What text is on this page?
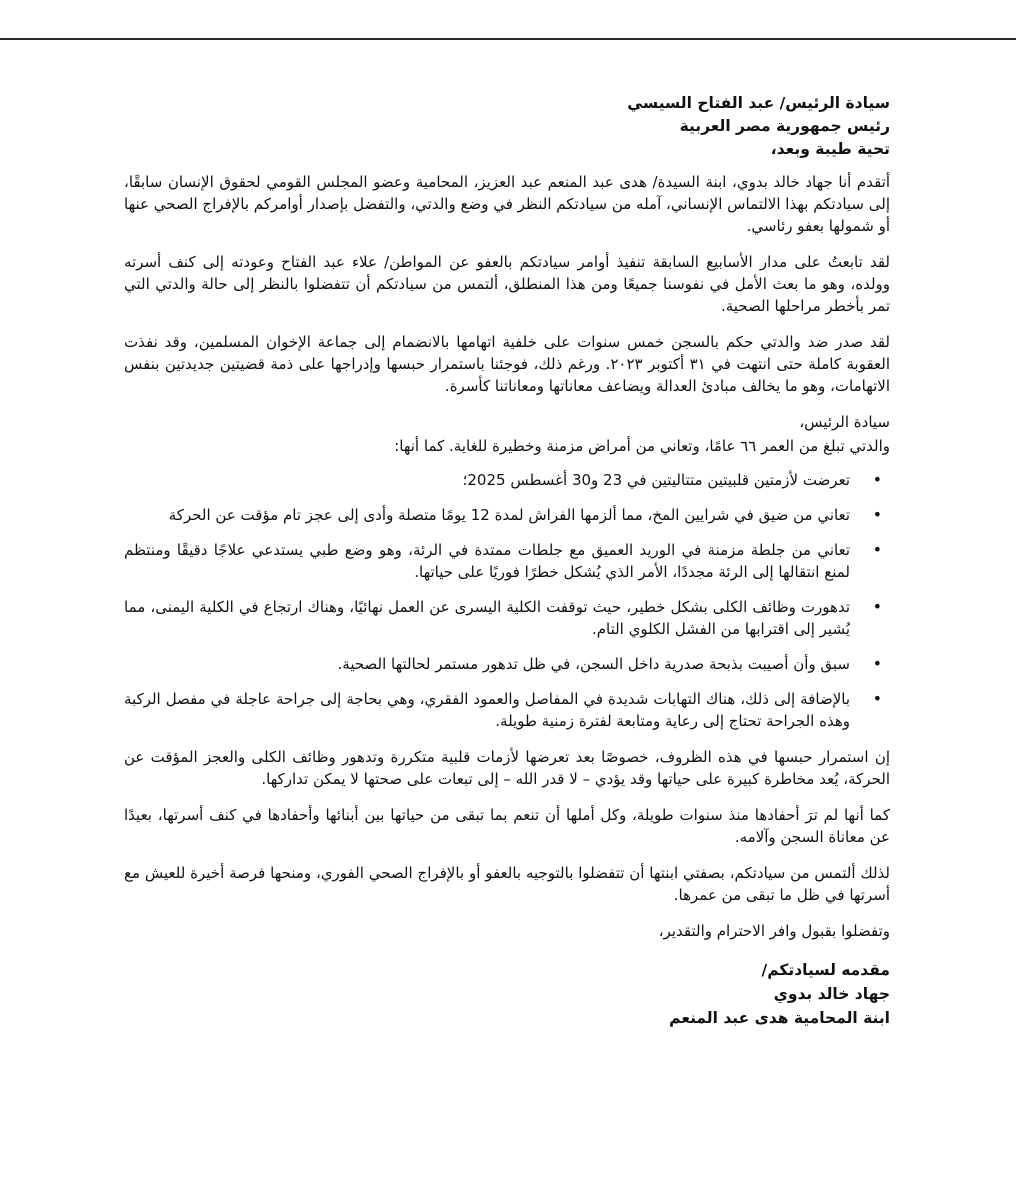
سيادة الرئيس/ عبد الفتاح السيسي
رئيس جمهورية مصر العربية
تحية طيبة وبعد،

أتقدم أنا جهاد خالد بدوي، ابنة السيدة/ هدى عبد المنعم عبد العزيز، المحامية وعضو المجلس القومي لحقوق الإنسان سابقًا، إلى سيادتكم بهذا الالتماس الإنساني، آمله من سيادتكم النظر في وضع والدتي، والتفضل بإصدار أوامركم بالإفراج الصحي عنها أو شمولها بعفو رئاسي.

لقد تابعتُ على مدار الأسابيع السابقة تنفيذ أوامر سيادتكم بالعفو عن المواطن/ علاء عبد الفتاح وعودته إلى كنف أسرته وولده، وهو ما بعث الأمل في نفوسنا جميعًا ومن هذا المنطلق، ألتمس من سيادتكم أن تتفضلوا بالنظر إلى حالة والدتي التي تمر بأخطر مراحلها الصحية.

لقد صدر ضد والدتي حكم بالسجن خمس سنوات على خلفية اتهامها بالانضمام إلى جماعة الإخوان المسلمين، وقد نفذت العقوبة كاملة حتى انتهت في ٣١ أكتوبر ٢٠٢٣. ورغم ذلك، فوجئنا باستمرار حبسها وإدراجها على ذمة قضيتين جديدتين بنفس الاتهامات، وهو ما يخالف مبادئ العدالة ويضاعف معاناتها ومعاناتنا كأسرة.

سيادة الرئيس،

والدتي تبلغ من العمر ٦٦ عامًا، وتعاني من أمراض مزمنة وخطيرة للغاية. كما أنها:

• تعرضت لأزمتين قلبيتين متتاليتين في 23 و30 أغسطس 2025؛
• تعاني من ضيق في شرايين المخ، مما ألزمها الفراش لمدة 12 يومًا متصلة وأدى إلى عجز تام مؤقت عن الحركة
• تعاني من جلطة مزمنة في الوريد العميق مع جلطات ممتدة في الرئة، وهو وضع طبي يستدعي علاجًا دقيقًا ومنتظم لمنع انتقالها إلى الرئة مجددًا، الأمر الذي يُشكل خطرًا فوريًا على حياتها.
• تدهورت وظائف الكلى بشكل خطير، حيث توقفت الكلية اليسرى عن العمل نهائيًا، وهناك ارتجاع في الكلية اليمنى، مما يُشير إلى اقترابها من الفشل الكلوي التام.
• سبق وأن أصيبت بذبحة صدرية داخل السجن، في ظل تدهور مستمر لحالتها الصحية.
• بالإضافة إلى ذلك، هناك التهابات شديدة في المفاصل والعمود الفقري، وهي بحاجة إلى جراحة عاجلة في مفصل الركبة وهذه الجراحة تحتاج إلى رعاية ومتابعة لفترة زمنية طويلة.

إن استمرار حبسها في هذه الظروف، خصوصًا بعد تعرضها لأزمات قلبية متكررة وتدهور وظائف الكلى والعجز المؤقت عن الحركة، يُعد مخاطرة كبيرة على حياتها وقد يؤدي – لا قدر الله – إلى تبعات على صحتها لا يمكن تداركها.

كما أنها لم ترَ أحفادها منذ سنوات طويلة، وكل أملها أن تنعم بما تبقى من حياتها بين أبنائها وأحفادها في كنف أسرتها، بعيدًا عن معاناة السجن وآلامه.

لذلك ألتمس من سيادتكم، بصفتي ابنتها أن تتفضلوا بالتوجيه بالعفو أو بالإفراج الصحي الفوري، ومنحها فرصة أخيرة للعيش مع أسرتها في ظل ما تبقى من عمرها.

وتفضلوا بقبول وافر الاحترام والتقدير،

مقدمه لسيادتكم/
جهاد خالد بدوي
ابنة المحامية هدى عبد المنعم
